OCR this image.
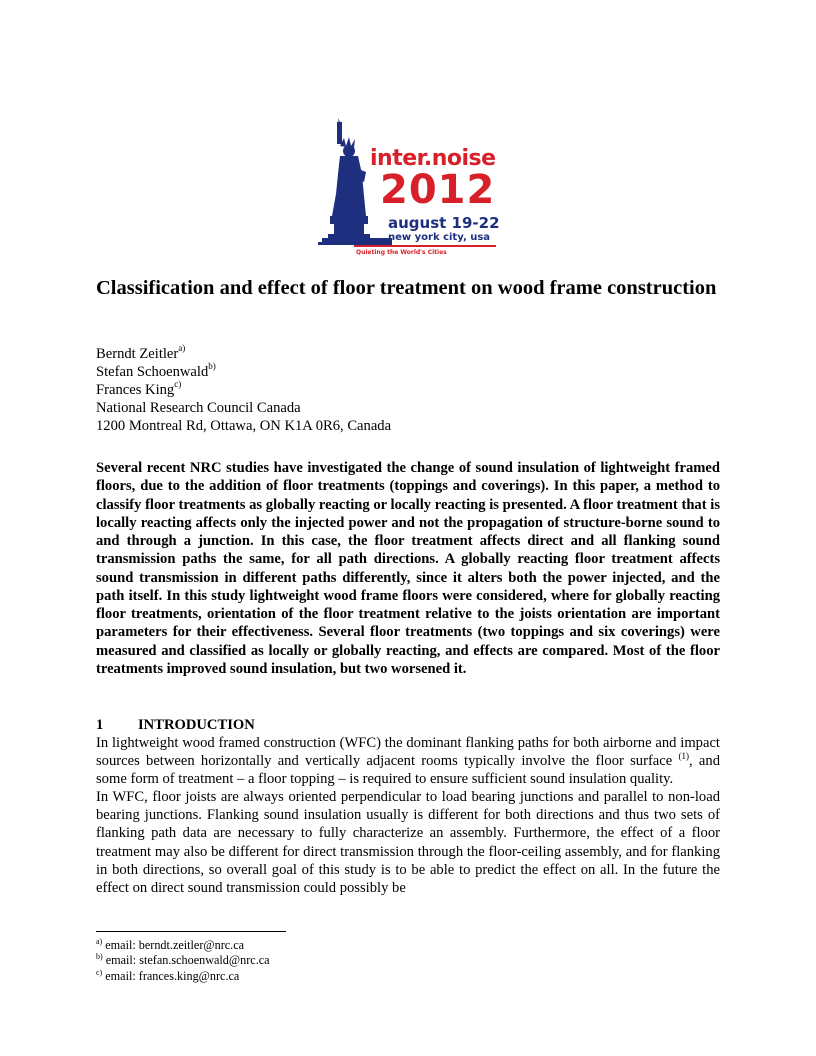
inter.noise
2012
august 19-22
new york city, usa
Quieting the World's Cities
Classification and effect of floor treatment on wood frame construction
Berndt Zeitler$^{a)}$
Stefan Schoenwald$^{b)}$
Frances King$^{c)}$
National Research Council Canada
1200 Montreal Rd, Ottawa, ON K1A 0R6, Canada

Several recent NRC studies have investigated the change of sound insulation of lightweight framed floors, due to the addition of floor treatments (toppings and coverings). In this paper, a method to classify floor treatments as globally reacting or locally reacting is presented. A floor treatment that is locally reacting affects only the injected power and not the propagation of structure-borne sound to and through a junction. In this case, the floor treatment affects direct and all flanking sound transmission paths the same, for all path directions. A globally reacting floor treatment affects sound transmission in different paths differently, since it alters both the power injected, and the path itself. In this study lightweight wood frame floors were considered, where for globally reacting floor treatments, orientation of the floor treatment relative to the joists orientation are important parameters for their effectiveness. Several floor treatments (two toppings and six coverings) were measured and classified as locally or globally reacting, and effects are compared. Most of the floor treatments improved sound insulation, but two worsened it.

1 INTRODUCTION

In lightweight wood framed construction (WFC) the dominant flanking paths for both airborne and impact sources between horizontally and vertically adjacent rooms typically involve the floor surface $^{(1)}$, and some form of treatment – a floor topping – is required to ensure sufficient sound insulation quality.

In WFC, floor joists are always oriented perpendicular to load bearing junctions and parallel to non-load bearing junctions. Flanking sound insulation usually is different for both directions and thus two sets of flanking path data are necessary to fully characterize an assembly. Furthermore, the effect of a floor treatment may also be different for direct transmission through the floor-ceiling assembly, and for flanking in both directions, so overall goal of this study is to be able to predict the effect on all. In the future the effect on direct sound transmission could possibly be

$^{a)}$ email: berndt.zeitler@nrc.ca
$^{b)}$ email: stefan.schoenwald@nrc.ca
$^{c)}$ email: frances.king@nrc.ca
